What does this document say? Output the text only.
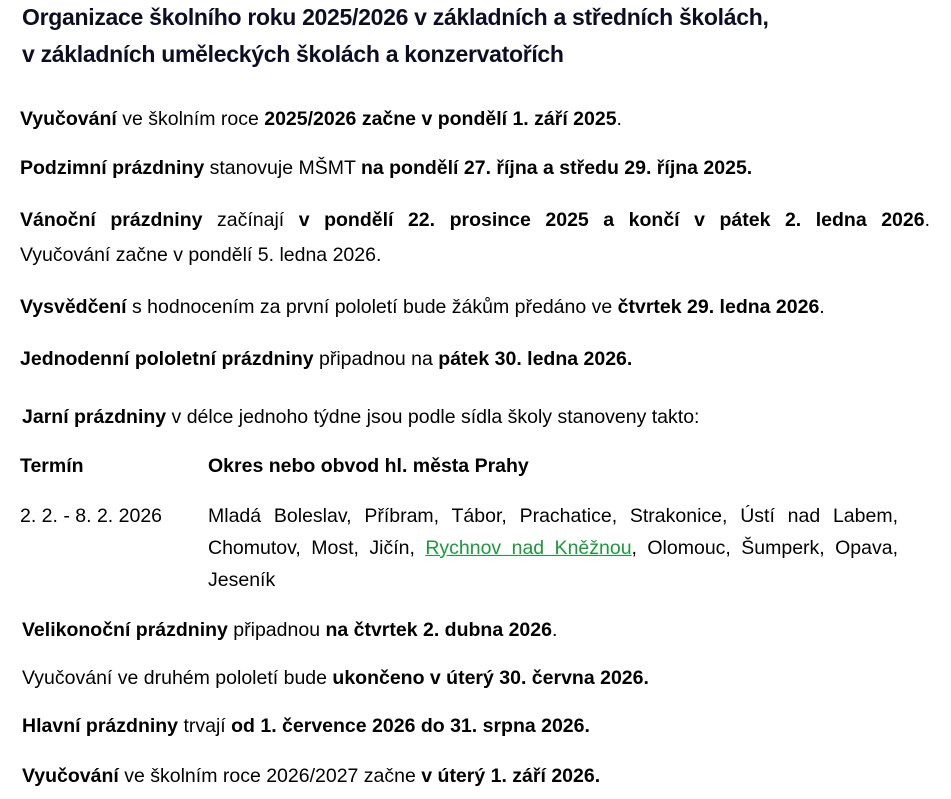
Organizace školního roku 2025/2026 v základních a středních školách,
v základních uměleckých školách a konzervatořích
Vyučování ve školním roce 2025/2026 začne v pondělí 1. září 2025.
Podzimní prázdniny stanovuje MŠMT na pondělí 27. října a středu 29. října 2025.
Vánoční prázdniny začínají v pondělí 22. prosince 2025 a končí v pátek 2. ledna 2026.
Vyučování začne v pondělí 5. ledna 2026.
Vysvědčení s hodnocením za první pololetí bude žákům předáno ve čtvrtek 29. ledna 2026.
Jednodenní pololetní prázdniny připadnou na pátek 30. ledna 2026.
Jarní prázdniny v délce jednoho týdne jsou podle sídla školy stanoveny takto:
Termín	Okres nebo obvod hl. města Prahy
2. 2. - 8. 2. 2026 Mladá Boleslav, Příbram, Tábor, Prachatice, Strakonice, Ústí nad Labem, Chomutov, Most, Jičín, Rychnov nad Kněžnou, Olomouc, Šumperk, Opava, Jeseník
Velikonoční prázdniny připadnou na čtvrtek 2. dubna 2026.
Vyučování ve druhém pololetí bude ukončeno v úterý 30. června 2026.
Hlavní prázdniny trvají od 1. července 2026 do 31. srpna 2026.
Vyučování ve školním roce 2026/2027 začne v úterý 1. září 2026.
